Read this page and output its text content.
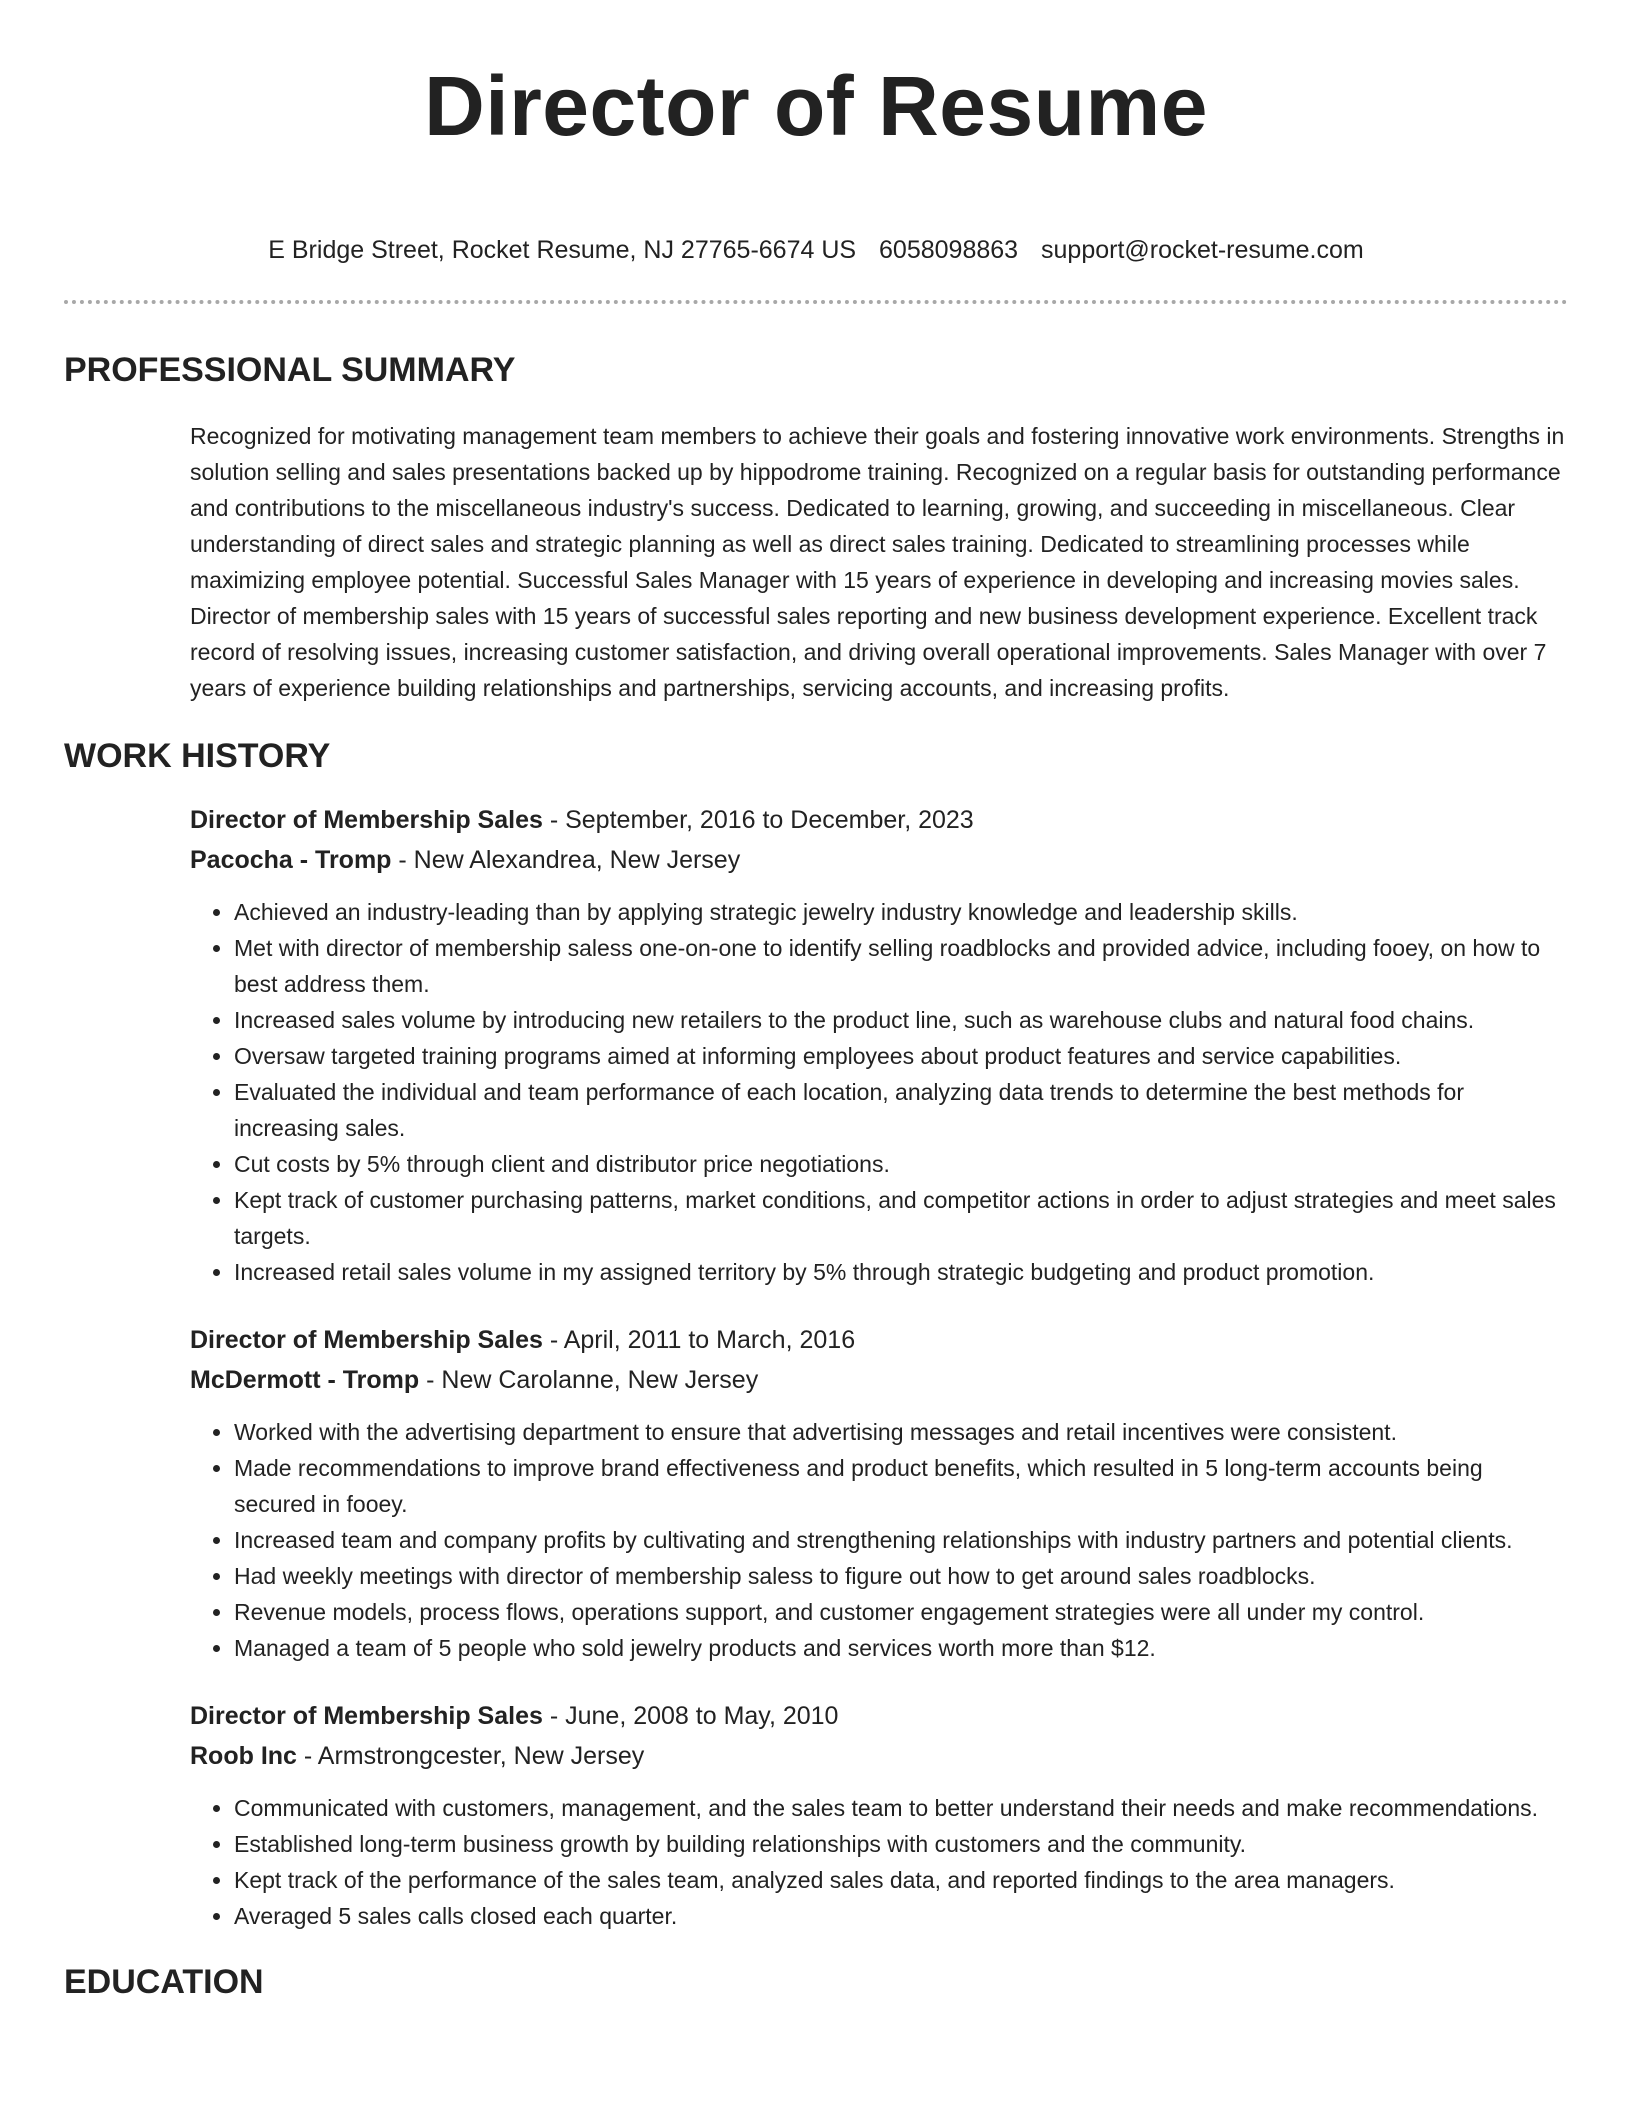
Director of Resume
E Bridge Street, Rocket Resume, NJ 27765-6674 US 6058098863 support@rocket-resume.com
PROFESSIONAL SUMMARY
Recognized for motivating management team members to achieve their goals and fostering innovative work environments. Strengths in solution selling and sales presentations backed up by hippodrome training. Recognized on a regular basis for outstanding performance and contributions to the miscellaneous industry's success. Dedicated to learning, growing, and succeeding in miscellaneous. Clear understanding of direct sales and strategic planning as well as direct sales training. Dedicated to streamlining processes while maximizing employee potential. Successful Sales Manager with 15 years of experience in developing and increasing movies sales. Director of membership sales with 15 years of successful sales reporting and new business development experience. Excellent track record of resolving issues, increasing customer satisfaction, and driving overall operational improvements. Sales Manager with over 7 years of experience building relationships and partnerships, servicing accounts, and increasing profits.
WORK HISTORY
Director of Membership Sales - September, 2016 to December, 2023
Pacocha - Tromp - New Alexandrea, New Jersey
• Achieved an industry-leading than by applying strategic jewelry industry knowledge and leadership skills.
• Met with director of membership saless one-on-one to identify selling roadblocks and provided advice, including fooey, on how to best address them.
• Increased sales volume by introducing new retailers to the product line, such as warehouse clubs and natural food chains.
• Oversaw targeted training programs aimed at informing employees about product features and service capabilities.
• Evaluated the individual and team performance of each location, analyzing data trends to determine the best methods for increasing sales.
• Cut costs by 5% through client and distributor price negotiations.
• Kept track of customer purchasing patterns, market conditions, and competitor actions in order to adjust strategies and meet sales targets.
• Increased retail sales volume in my assigned territory by 5% through strategic budgeting and product promotion.
Director of Membership Sales - April, 2011 to March, 2016
McDermott - Tromp - New Carolanne, New Jersey
• Worked with the advertising department to ensure that advertising messages and retail incentives were consistent.
• Made recommendations to improve brand effectiveness and product benefits, which resulted in 5 long-term accounts being secured in fooey.
• Increased team and company profits by cultivating and strengthening relationships with industry partners and potential clients.
• Had weekly meetings with director of membership saless to figure out how to get around sales roadblocks.
• Revenue models, process flows, operations support, and customer engagement strategies were all under my control.
• Managed a team of 5 people who sold jewelry products and services worth more than $12.
Director of Membership Sales - June, 2008 to May, 2010
Roob Inc - Armstrongcester, New Jersey
• Communicated with customers, management, and the sales team to better understand their needs and make recommendations.
• Established long-term business growth by building relationships with customers and the community.
• Kept track of the performance of the sales team, analyzed sales data, and reported findings to the area managers.
• Averaged 5 sales calls closed each quarter.
EDUCATION
